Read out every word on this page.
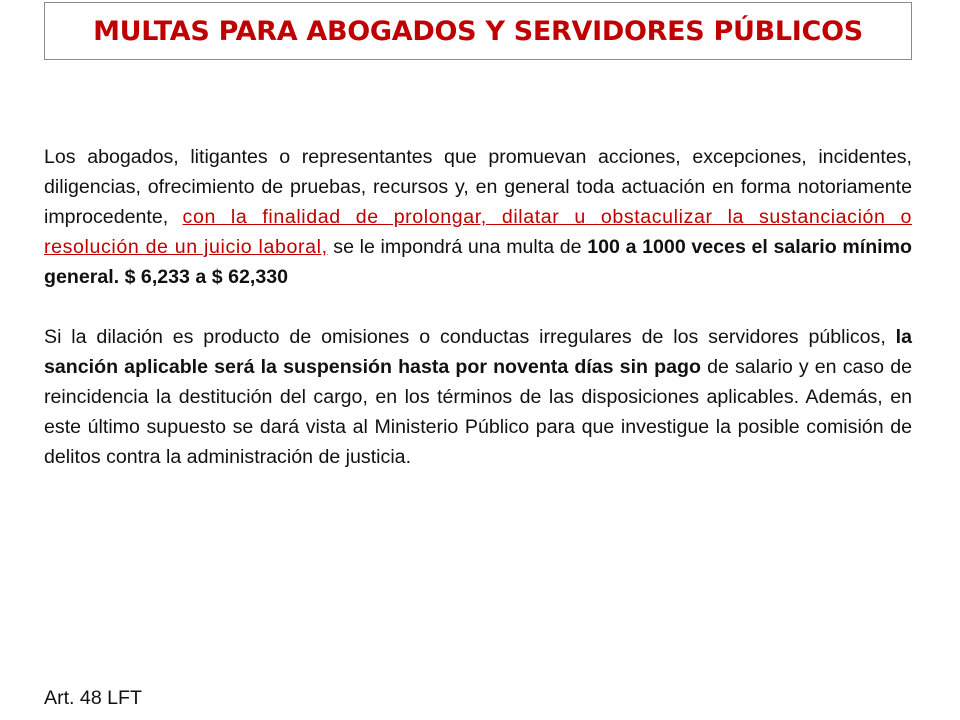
MULTAS PARA ABOGADOS Y SERVIDORES PÚBLICOS

Los abogados, litigantes o representantes que promuevan acciones, excepciones, incidentes, diligencias, ofrecimiento de pruebas, recursos y, en general toda actuación en forma notoriamente improcedente, con la finalidad de prolongar, dilatar u obstaculizar la sustanciación o resolución de un juicio laboral, se le impondrá una multa de 100 a 1000 veces el salario mínimo general. $ 6,233 a $ 62,330

Si la dilación es producto de omisiones o conductas irregulares de los servidores públicos, la sanción aplicable será la suspensión hasta por noventa días sin pago de salario y en caso de reincidencia la destitución del cargo, en los términos de las disposiciones aplicables. Además, en este último supuesto se dará vista al Ministerio Público para que investigue la posible comisión de delitos contra la administración de justicia.

Art. 48 LFT
